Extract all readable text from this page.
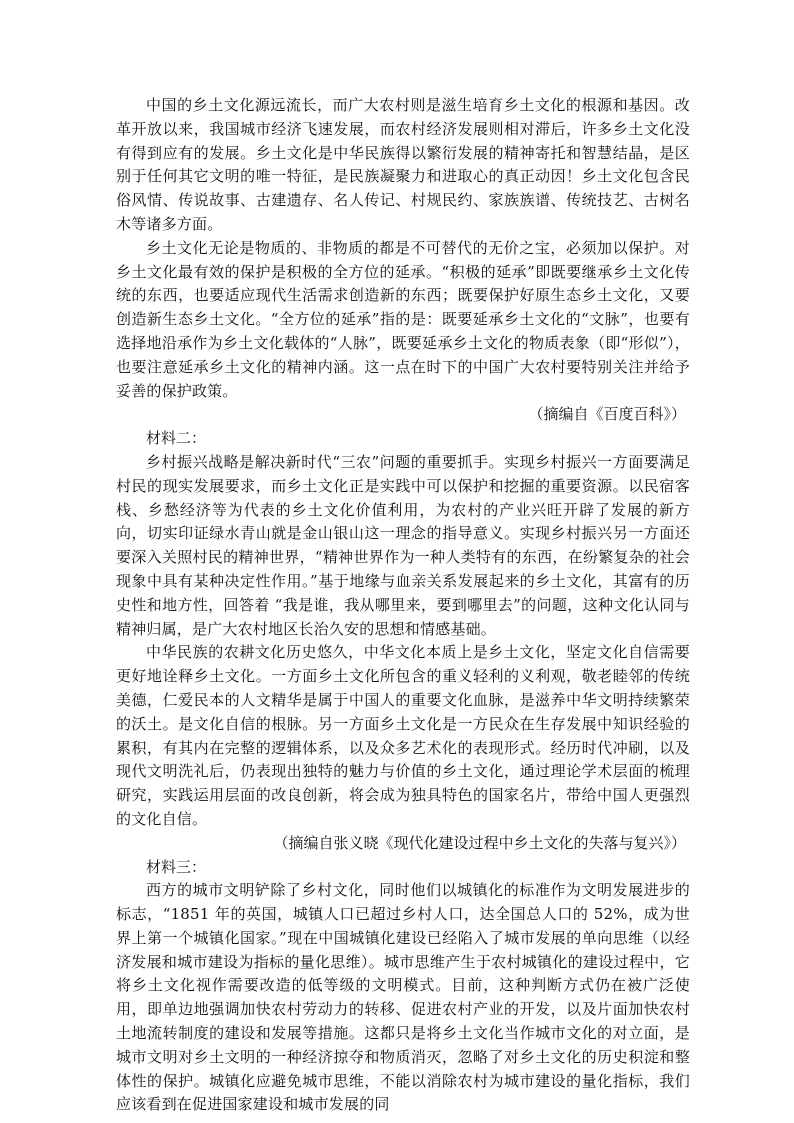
中国的乡土文化源远流长，而广大农村则是滋生培育乡土文化的根源和基因。改革开放以来，我国城市经济飞速发展，而农村经济发展则相对滞后，许多乡土文化没有得到应有的发展。乡土文化是中华民族得以繁衍发展的精神寄托和智慧结晶，是区别于任何其它文明的唯一特征，是民族凝聚力和进取心的真正动因！乡土文化包含民俗风情、传说故事、古建遗存、名人传记、村规民约、家族族谱、传统技艺、古树名木等诸多方面。

乡土文化无论是物质的、非物质的都是不可替代的无价之宝，必须加以保护。对乡土文化最有效的保护是积极的全方位的延承。“积极的延承”即既要继承乡土文化传统的东西，也要适应现代生活需求创造新的东西；既要保护好原生态乡土文化，又要创造新生态乡土文化。“全方位的延承”指的是：既要延承乡土文化的“文脉”，也要有选择地沿承作为乡土文化载体的“人脉”，既要延承乡土文化的物质表象（即“形似”），也要注意延承乡土文化的精神内涵。这一点在时下的中国广大农村要特别关注并给予妥善的保护政策。

（摘编自《百度百科》）

材料二：

乡村振兴战略是解决新时代“三农”问题的重要抓手。实现乡村振兴一方面要满足村民的现实发展要求，而乡土文化正是实践中可以保护和挖掘的重要资源。以民宿客栈、乡愁经济等为代表的乡土文化价值利用，为农村的产业兴旺开辟了发展的新方向，切实印证绿水青山就是金山银山这一理念的指导意义。实现乡村振兴另一方面还要深入关照村民的精神世界，“精神世界作为一种人类特有的东西，在纷繁复杂的社会现象中具有某种决定性作用。”基于地缘与血亲关系发展起来的乡土文化，其富有的历史性和地方性，回答着 “我是谁，我从哪里来，要到哪里去”的问题，这种文化认同与精神归属，是广大农村地区长治久安的思想和情感基础。

中华民族的农耕文化历史悠久，中华文化本质上是乡土文化，坚定文化自信需要更好地诠释乡土文化。一方面乡土文化所包含的重义轻利的义利观，敬老睦邻的传统美德，仁爱民本的人文精华是属于中国人的重要文化血脉，是滋养中华文明持续繁荣的沃土。是文化自信的根脉。另一方面乡土文化是一方民众在生存发展中知识经验的累积，有其内在完整的逻辑体系，以及众多艺术化的表现形式。经历时代冲刷，以及现代文明洗礼后，仍表现出独特的魅力与价值的乡土文化，通过理论学术层面的梳理研究，实践运用层面的改良创新，将会成为独具特色的国家名片，带给中国人更强烈的文化自信。

（摘编自张义晓《现代化建设过程中乡土文化的失落与复兴》）

材料三：

西方的城市文明铲除了乡村文化，同时他们以城镇化的标准作为文明发展进步的标志，“1851 年的英国，城镇人口已超过乡村人口，达全国总人口的 52%，成为世界上第一个城镇化国家。”现在中国城镇化建设已经陷入了城市发展的单向思维（以经济发展和城市建设为指标的量化思维）。城市思维产生于农村城镇化的建设过程中，它将乡土文化视作需要改造的低等级的文明模式。目前，这种判断方式仍在被广泛使用，即单边地强调加快农村劳动力的转移、促进农村产业的开发，以及片面加快农村土地流转制度的建设和发展等措施。这都只是将乡土文化当作城市文化的对立面，是城市文明对乡土文明的一种经济掠夺和物质消灭，忽略了对乡土文化的历史积淀和整体性的保护。城镇化应避免城市思维，不能以消除农村为城市建设的量化指标，我们应该看到在促进国家建设和城市发展的同
